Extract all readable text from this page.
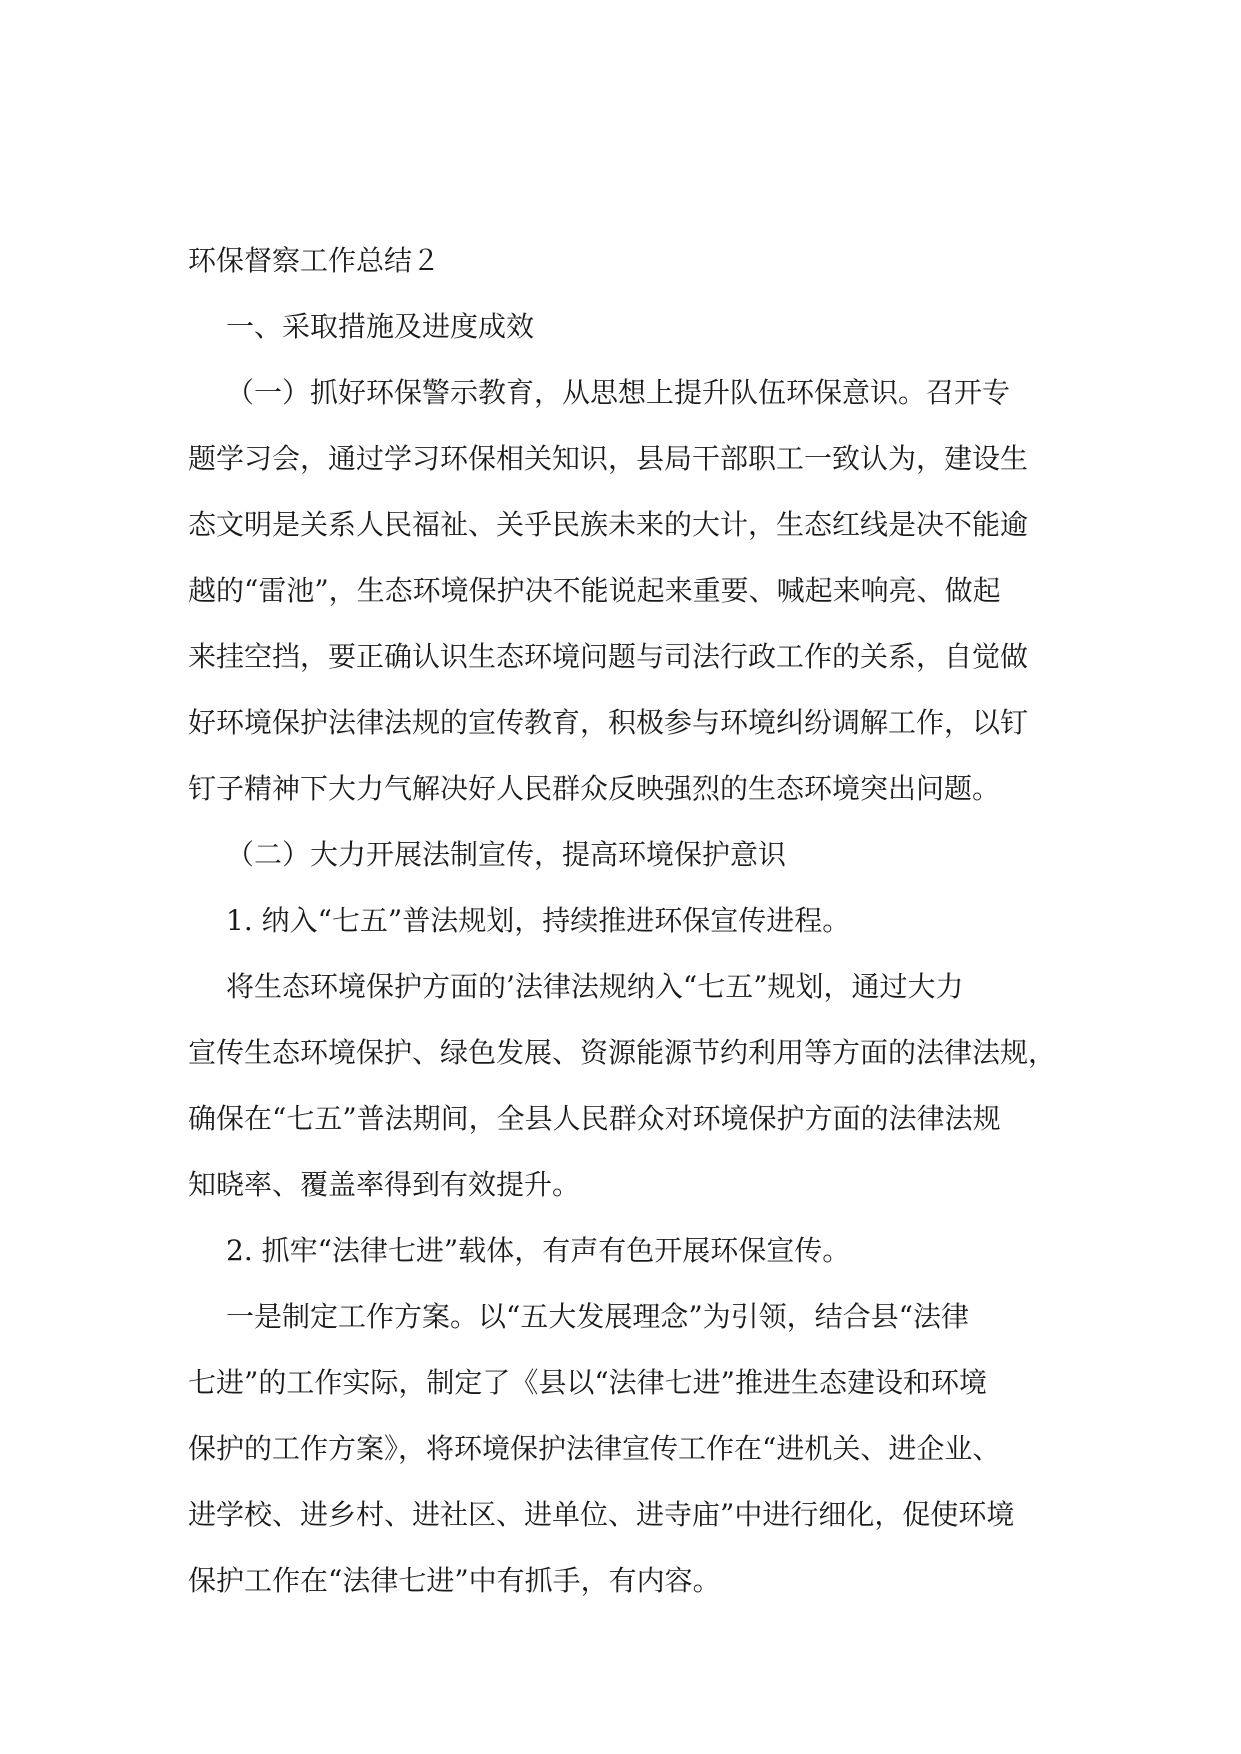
环保督察工作总结２
一、采取措施及进度成效
（一）抓好环保警示教育，从思想上提升队伍环保意识。召开专
题学习会，通过学习环保相关知识，县局干部职工一致认为，建设生
态文明是关系人民福祉、关乎民族未来的大计，生态红线是决不能逾
越的“雷池”，生态环境保护决不能说起来重要、喊起来响亮、做起
来挂空挡，要正确认识生态环境问题与司法行政工作的关系，自觉做
好环境保护法律法规的宣传教育，积极参与环境纠纷调解工作，以钉
钉子精神下大力气解决好人民群众反映强烈的生态环境突出问题。
（二）大力开展法制宣传，提高环境保护意识
1. 纳入“七五”普法规划，持续推进环保宣传进程。
将生态环境保护方面的’法律法规纳入“七五”规划，通过大力
宣传生态环境保护、绿色发展、资源能源节约利用等方面的法律法规，
确保在“七五”普法期间，全县人民群众对环境保护方面的法律法规
知晓率、覆盖率得到有效提升。
2. 抓牢“法律七进”载体，有声有色开展环保宣传。
一是制定工作方案。以“五大发展理念”为引领，结合县“法律
七进”的工作实际，制定了《县以“法律七进”推进生态建设和环境
保护的工作方案》，将环境保护法律宣传工作在“进机关、进企业、
进学校、进乡村、进社区、进单位、进寺庙”中进行细化，促使环境
保护工作在“法律七进”中有抓手，有内容。
